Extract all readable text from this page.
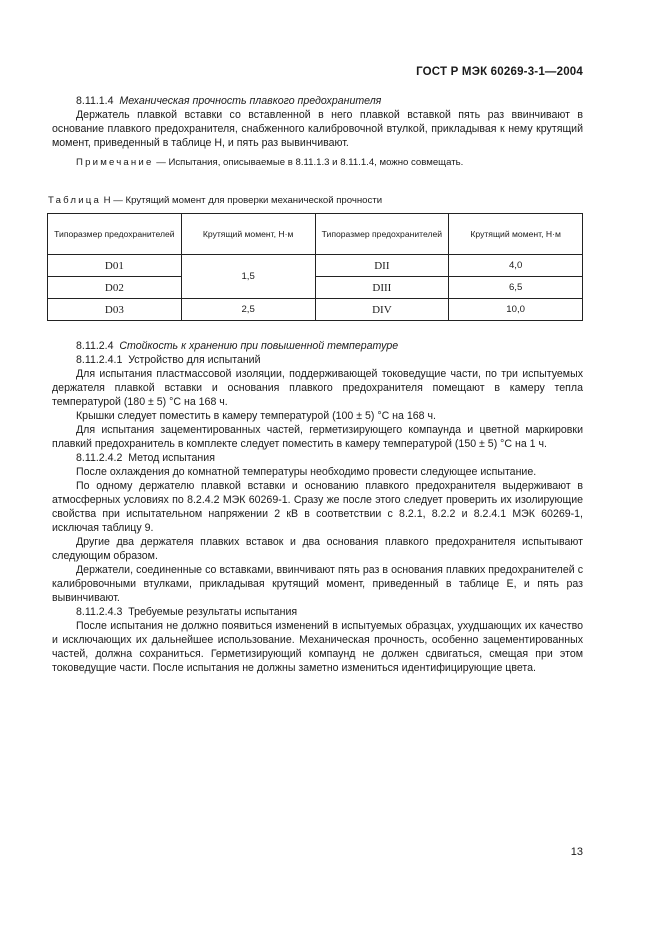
ГОСТ Р МЭК 60269-3-1—2004

8.11.1.4 Механическая прочность плавкого предохранителя

Держатель плавкой вставки со вставленной в него плавкой вставкой пять раз ввинчивают в основание плавкого предохранителя, снабженного калибровочной втулкой, прикладывая к нему крутящий момент, приведенный в таблице H, и пять раз вывинчивают.

Примечание — Испытания, описываемые в 8.11.1.3 и 8.11.1.4, можно совмещать.

Таблица H — Крутящий момент для проверки механической прочности
Типоразмер предохранителей	Крутящий момент, Н·м	Типоразмер предохранителей	Крутящий момент, Н·м
D01	1,5	DII	4,0
D02		DIII	6,5
D03	2,5	DIV	10,0

8.11.2.4 Стойкость к хранению при повышенной температуре

8.11.2.4.1 Устройство для испытаний

Для испытания пластмассовой изоляции, поддерживающей токоведущие части, по три испытуемых держателя плавкой вставки и основания плавкого предохранителя помещают в камеру тепла температурой (180 ± 5) °С на 168 ч.

Крышки следует поместить в камеру температурой (100 ± 5) °С на 168 ч.

Для испытания зацементированных частей, герметизирующего компаунда и цветной маркировки плавкий предохранитель в комплекте следует поместить в камеру температурой (150 ± 5) °С на 1 ч.

8.11.2.4.2 Метод испытания

После охлаждения до комнатной температуры необходимо провести следующее испытание.

По одному держателю плавкой вставки и основанию плавкого предохранителя выдерживают в атмосферных условиях по 8.2.4.2 МЭК 60269-1. Сразу же после этого следует проверить их изолирующие свойства при испытательном напряжении 2 кВ в соответствии с 8.2.1, 8.2.2 и 8.2.4.1 МЭК 60269-1, исключая таблицу 9.

Другие два держателя плавких вставок и два основания плавкого предохранителя испытывают следующим образом.

Держатели, соединенные со вставками, ввинчивают пять раз в основания плавких предохранителей с калибровочными втулками, прикладывая крутящий момент, приведенный в таблице E, и пять раз вывинчивают.

8.11.2.4.3 Требуемые результаты испытания

После испытания не должно появиться изменений в испытуемых образцах, ухудшающих их качество и исключающих их дальнейшее использование. Механическая прочность, особенно зацементированных частей, должна сохраниться. Герметизирующий компаунд не должен сдвигаться, смещая при этом токоведущие части. После испытания не должны заметно измениться идентифицирующие цвета.

13
